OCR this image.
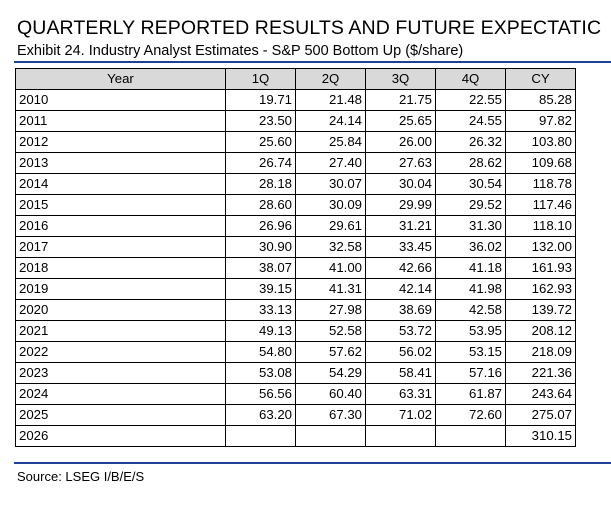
QUARTERLY REPORTED RESULTS AND FUTURE EXPECTATIC
Exhibit 24. Industry Analyst Estimates - S&P 500 Bottom Up ($/share)
Year	1Q	2Q	3Q	4Q	CY
2010	19.71	21.48	21.75	22.55	85.28
2011	23.50	24.14	25.65	24.55	97.82
2012	25.60	25.84	26.00	26.32	103.80
2013	26.74	27.40	27.63	28.62	109.68
2014	28.18	30.07	30.04	30.54	118.78
2015	28.60	30.09	29.99	29.52	117.46
2016	26.96	29.61	31.21	31.30	118.10
2017	30.90	32.58	33.45	36.02	132.00
2018	38.07	41.00	42.66	41.18	161.93
2019	39.15	41.31	42.14	41.98	162.93
2020	33.13	27.98	38.69	42.58	139.72
2021	49.13	52.58	53.72	53.95	208.12
2022	54.80	57.62	56.02	53.15	218.09
2023	53.08	54.29	58.41	57.16	221.36
2024	56.56	60.40	63.31	61.87	243.64
2025	63.20	67.30	71.02	72.60	275.07
2026					310.15
Source: LSEG I/B/E/S
